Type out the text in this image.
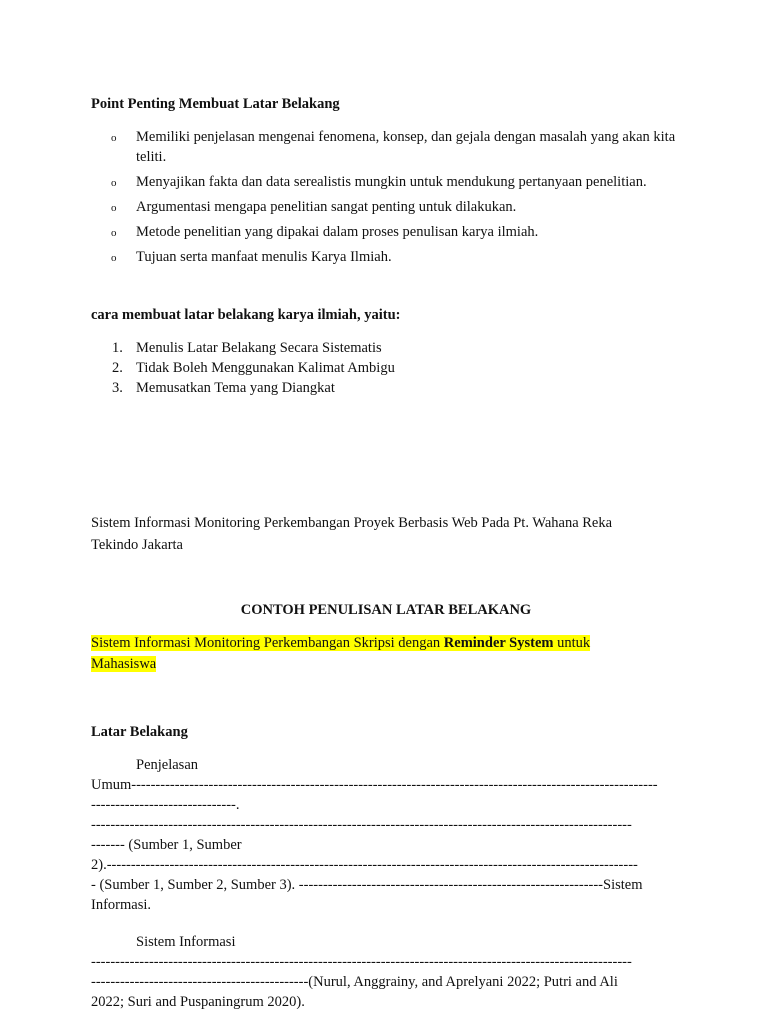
Point Penting Membuat Latar Belakang
o Memiliki penjelasan mengenai fenomena, konsep, dan gejala dengan masalah yang akan kita teliti.
o Menyajikan fakta dan data serealistis mungkin untuk mendukung pertanyaan penelitian.
o Argumentasi mengapa penelitian sangat penting untuk dilakukan.
o Metode penelitian yang dipakai dalam proses penulisan karya ilmiah.
o Tujuan serta manfaat menulis Karya Ilmiah.
cara membuat latar belakang karya ilmiah, yaitu:
1. Menulis Latar Belakang Secara Sistematis
2. Tidak Boleh Menggunakan Kalimat Ambigu
3. Memusatkan Tema yang Diangkat
Sistem Informasi Monitoring Perkembangan Proyek Berbasis Web Pada Pt. Wahana Reka Tekindo Jakarta
CONTOH PENULISAN LATAR BELAKANG
Sistem Informasi Monitoring Perkembangan Skripsi dengan Reminder System untuk Mahasiswa
Latar Belakang
Penjelasan
Umum-------------------------------------------------------------------------------------------------------------
------------------------------.
----------------------------------------------------------------------------------------------------------------
------- (Sumber 1, Sumber
2).--------------------------------------------------------------------------------------------------------------
- (Sumber 1, Sumber 2, Sumber 3). ---------------------------------------------------------------Sistem
Informasi.
Sistem Informasi
----------------------------------------------------------------------------------------------------------------
---------------------------------------------(Nurul, Anggrainy, and Aprelyani 2022; Putri and Ali
2022; Suri and Puspaningrum 2020).
